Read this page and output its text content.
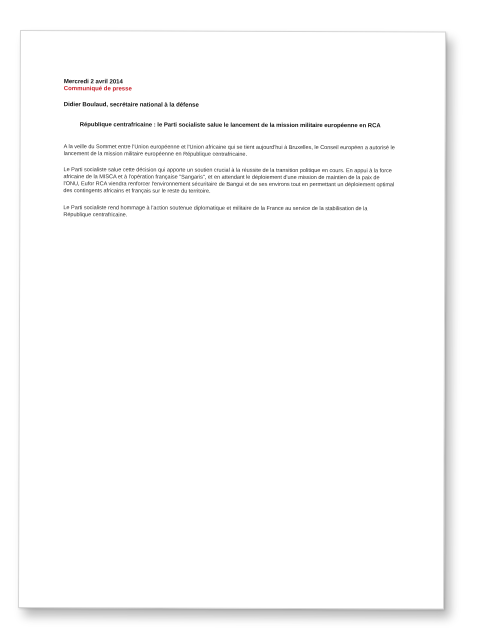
Mercredi 2 avril 2014
Communiqué de presse
Didier Boulaud, secrétaire national à la défense
République centrafricaine : le Parti socialiste salue le lancement de la mission militaire européenne en RCA

A la veille du Sommet entre l'Union européenne et l'Union africaine qui se tient aujourd'hui à Bruxelles, le Conseil européen a autorisé le lancement de la mission militaire européenne en République centrafricaine.

Le Parti socialiste salue cette décision qui apporte un soutien crucial à la réussite de la transition politique en cours. En appui à la force africaine de la MISCA et à l'opération française "Sangaris", et en attendant le déploiement d'une mission de maintien de la paix de l'ONU, Eufor RCA viendra renforcer l'environnement sécuritaire de Bangui et de ses environs tout en permettant un déploiement optimal des contingents africains et français sur le reste du territoire.

Le Parti socialiste rend hommage à l'action soutenue diplomatique et militaire de la France au service de la stabilisation de la République centrafricaine.
